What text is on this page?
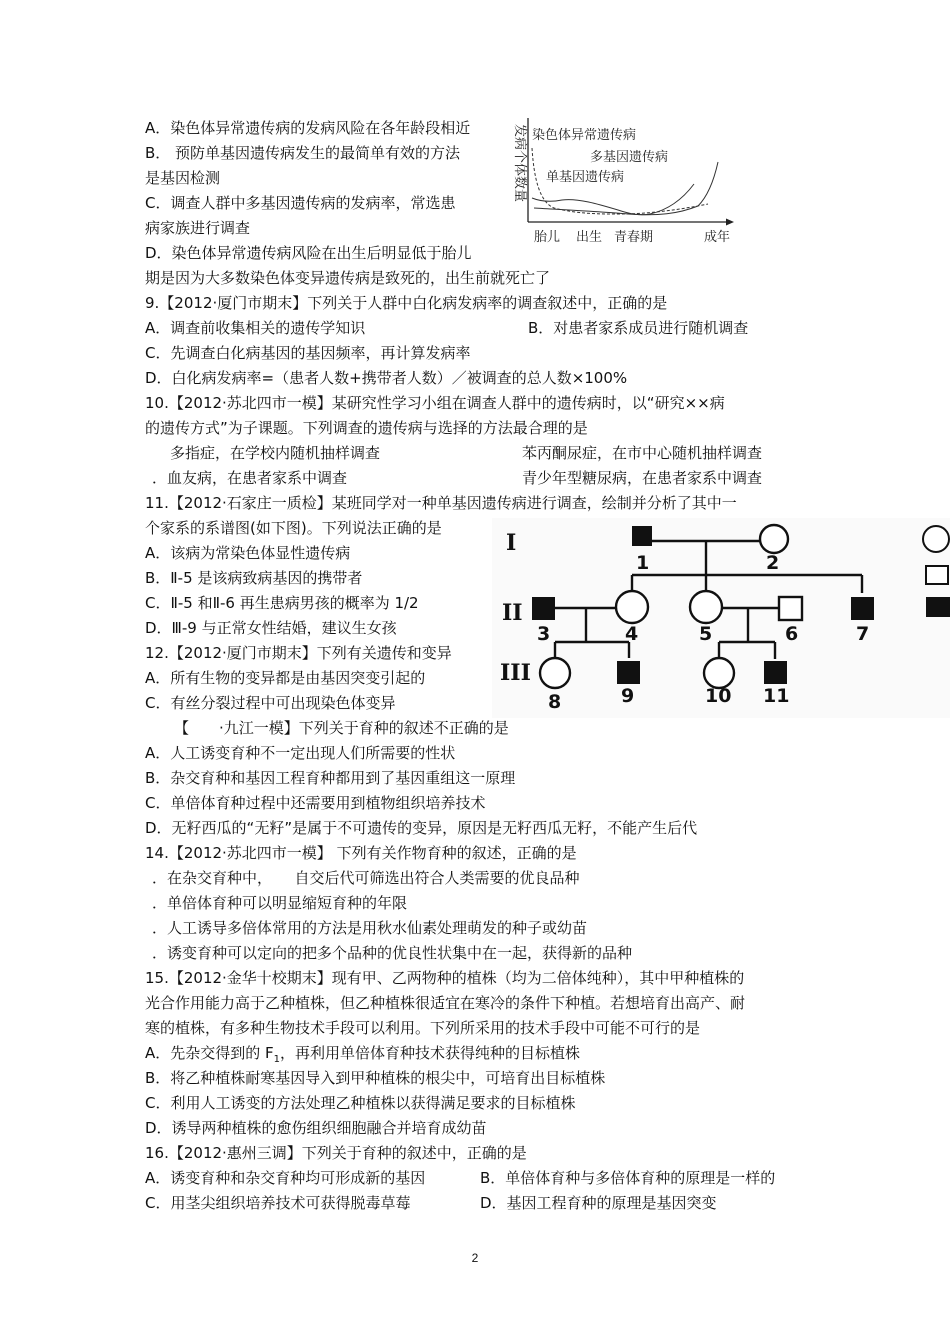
A．染色体异常遗传病的发病风险在各年龄段相近
B． 预防单基因遗传病发生的最简单有效的方法
是基因检测
C．调查人群中多基因遗传病的发病率，常选患
病家族进行调查
D．染色体异常遗传病风险在出生后明显低于胎儿
期是因为大多数染色体变异遗传病是致死的，出生前就死亡了
发病个体数量 染色体异常遗传病
多基因遗传病
单基因遗传病
胎儿 出生 青春期	成年
9.【2012·厦门市期末】下列关于人群中白化病发病率的调查叙述中，正确的是
A．调查前收集相关的遗传学知识	B．对患者家系成员进行随机调查
C．先调查白化病基因的基因频率，再计算发病率
D．白化病发病率=（患者人数+携带者人数）／被调查的总人数×100%
10.【2012·苏北四市一模】某研究性学习小组在调查人群中的遗传病时，以“研究××病
的遗传方式”为子课题。下列调查的遗传病与选择的方法最合理的是
多指症，在学校内随机抽样调查	苯丙酮尿症，在市中心随机抽样调查
．血友病，在患者家系中调查	青少年型糖尿病，在患者家系中调查
11.【2012·石家庄一质检】某班同学对一种单基因遗传病进行调查，绘制并分析了其中一
个家系的系谱图(如下图)。下列说法正确的是
A．该病为常染色体显性遗传病
B．Ⅱ-5 是该病致病基因的携带者
C．Ⅱ-5 和Ⅱ-6 再生患病男孩的概率为 1/2
D．Ⅲ-9 与正常女性结婚，建议生女孩
I
II
III
1	2
3	4	5	6	7
8	9	10 11
12.【2012·厦门市期末】下列有关遗传和变异
A．所有生物的变异都是由基因突变引起的
C．有丝分裂过程中可出现染色体变异
【　　·九江一模】下列关于育种的叙述不正确的是
A．人工诱变育种不一定出现人们所需要的性状
B．杂交育种和基因工程育种都用到了基因重组这一原理
C．单倍体育种过程中还需要用到植物组织培养技术
D．无籽西瓜的“无籽”是属于不可遗传的变异，原因是无籽西瓜无籽，不能产生后代
14.【2012·苏北四市一模】 下列有关作物育种的叙述，正确的是
．在杂交育种中，　　自交后代可筛选出符合人类需要的优良品种
．单倍体育种可以明显缩短育种的年限
．人工诱导多倍体常用的方法是用秋水仙素处理萌发的种子或幼苗
．诱变育种可以定向的把多个品种的优良性状集中在一起，获得新的品种
15.【2012·金华十校期末】现有甲、乙两物种的植株（均为二倍体纯种），其中甲种植株的
光合作用能力高于乙种植株，但乙种植株很适宜在寒冷的条件下种植。若想培育出高产、耐
寒的植株，有多种生物技术手段可以利用。下列所采用的技术手段中可能不可行的是
A．先杂交得到的 $F_1$，再利用单倍体育种技术获得纯种的目标植株
B．将乙种植株耐寒基因导入到甲种植株的根尖中，可培育出目标植株
C．利用人工诱变的方法处理乙种植株以获得满足要求的目标植株
D．诱导两种植株的愈伤组织细胞融合并培育成幼苗
16.【2012·惠州三调】下列关于育种的叙述中，正确的是
A．诱变育种和杂交育种均可形成新的基因	B．单倍体育种与多倍体育种的原理是一样的
C．用茎尖组织培养技术可获得脱毒草莓	D．基因工程育种的原理是基因突变
2
